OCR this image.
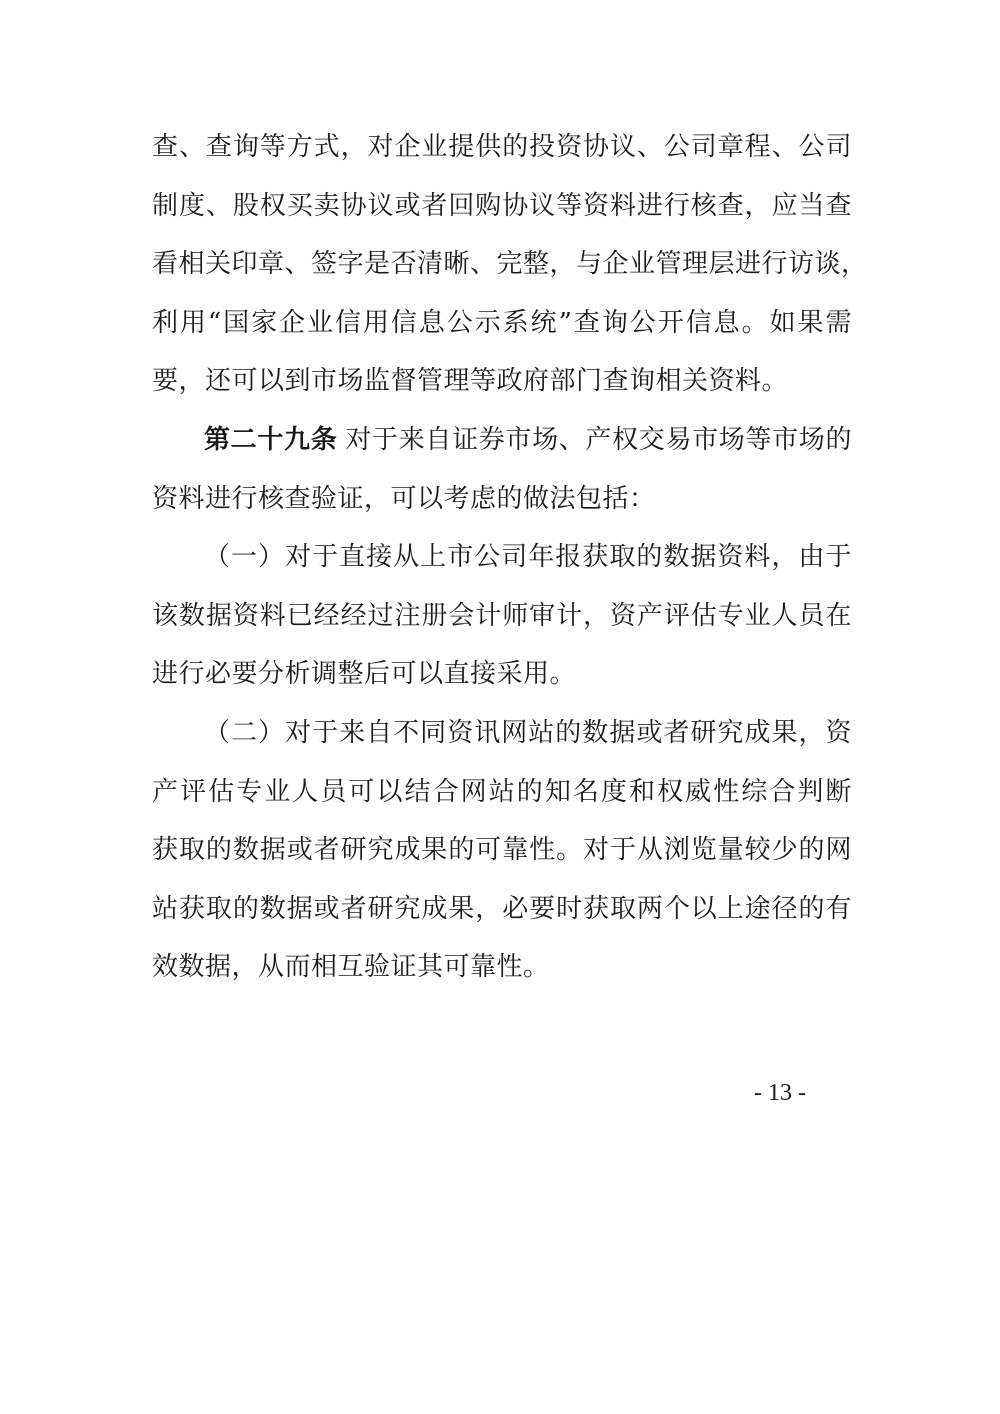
查、查询等方式，对企业提供的投资协议、公司章程、公司
制度、股权买卖协议或者回购协议等资料进行核查，应当查
看相关印章、签字是否清晰、完整，与企业管理层进行访谈，
利用“国家企业信用信息公示系统”查询公开信息。如果需
要，还可以到市场监督管理等政府部门查询相关资料。
第二十九条 对于来自证券市场、产权交易市场等市场的
资料进行核查验证，可以考虑的做法包括：
（一）对于直接从上市公司年报获取的数据资料，由于
该数据资料已经经过注册会计师审计，资产评估专业人员在
进行必要分析调整后可以直接采用。
（二）对于来自不同资讯网站的数据或者研究成果，资
产评估专业人员可以结合网站的知名度和权威性综合判断
获取的数据或者研究成果的可靠性。对于从浏览量较少的网
站获取的数据或者研究成果，必要时获取两个以上途径的有
效数据，从而相互验证其可靠性。
- 13 -
